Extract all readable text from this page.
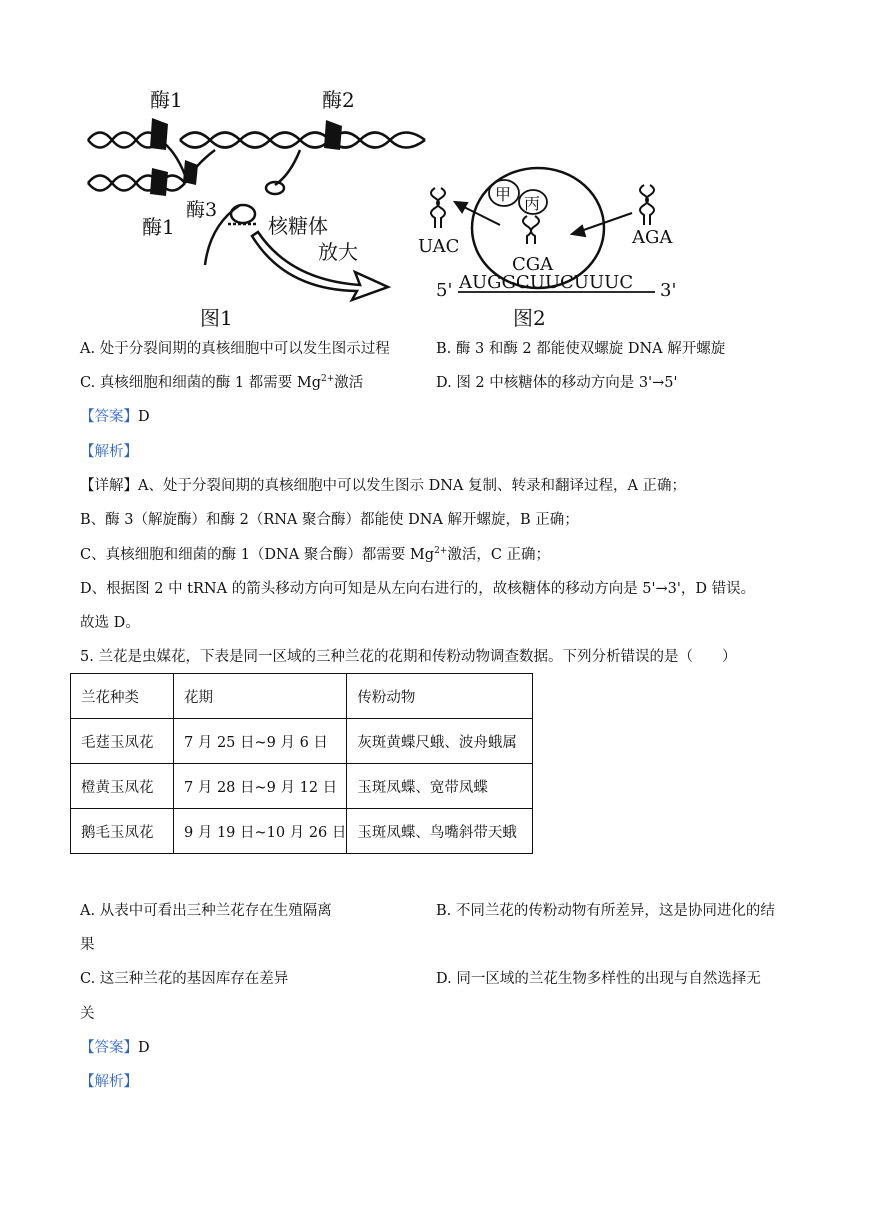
酶1	酶2
酶3
酶1	核糖体
放大
图1
甲 丙
UAC
CGA
AGA
5' AUGGCUUCUUUC 3'
图2
A. 处于分裂间期的真核细胞中可以发生图示过程	B. 酶 3 和酶 2 都能使双螺旋 DNA 解开螺旋
C. 真核细胞和细菌的酶 1 都需要 $Mg^{2+}$激活	D. 图 2 中核糖体的移动方向是 3'→5'
【答案】D
【解析】
【详解】A、处于分裂间期的真核细胞中可以发生图示 DNA 复制、转录和翻译过程，A 正确；
B、酶 3（解旋酶）和酶 2（RNA 聚合酶）都能使 DNA 解开螺旋，B 正确；
C、真核细胞和细菌的酶 1（DNA 聚合酶）都需要 $Mg^{2+}$激活，C 正确；
D、根据图 2 中 tRNA 的箭头移动方向可知是从左向右进行的，故核糖体的移动方向是 5'→3'，D 错误。
故选 D。
5. 兰花是虫媒花，下表是同一区域的三种兰花的花期和传粉动物调查数据。下列分析错误的是（　　）
兰花种类	花期	传粉动物
毛莛玉凤花	7 月 25 日~9 月 6 日	灰斑黄蝶尺蛾、波舟蛾属
橙黄玉凤花	7 月 28 日~9 月 12 日	玉斑凤蝶、宽带凤蝶
鹅毛玉凤花	9 月 19 日~10 月 26 日	玉斑凤蝶、鸟嘴斜带天蛾
A. 从表中可看出三种兰花存在生殖隔离	B. 不同兰花的传粉动物有所差异，这是协同进化的结
果
C. 这三种兰花的基因库存在差异	D. 同一区域的兰花生物多样性的出现与自然选择无
关
【答案】D
【解析】
